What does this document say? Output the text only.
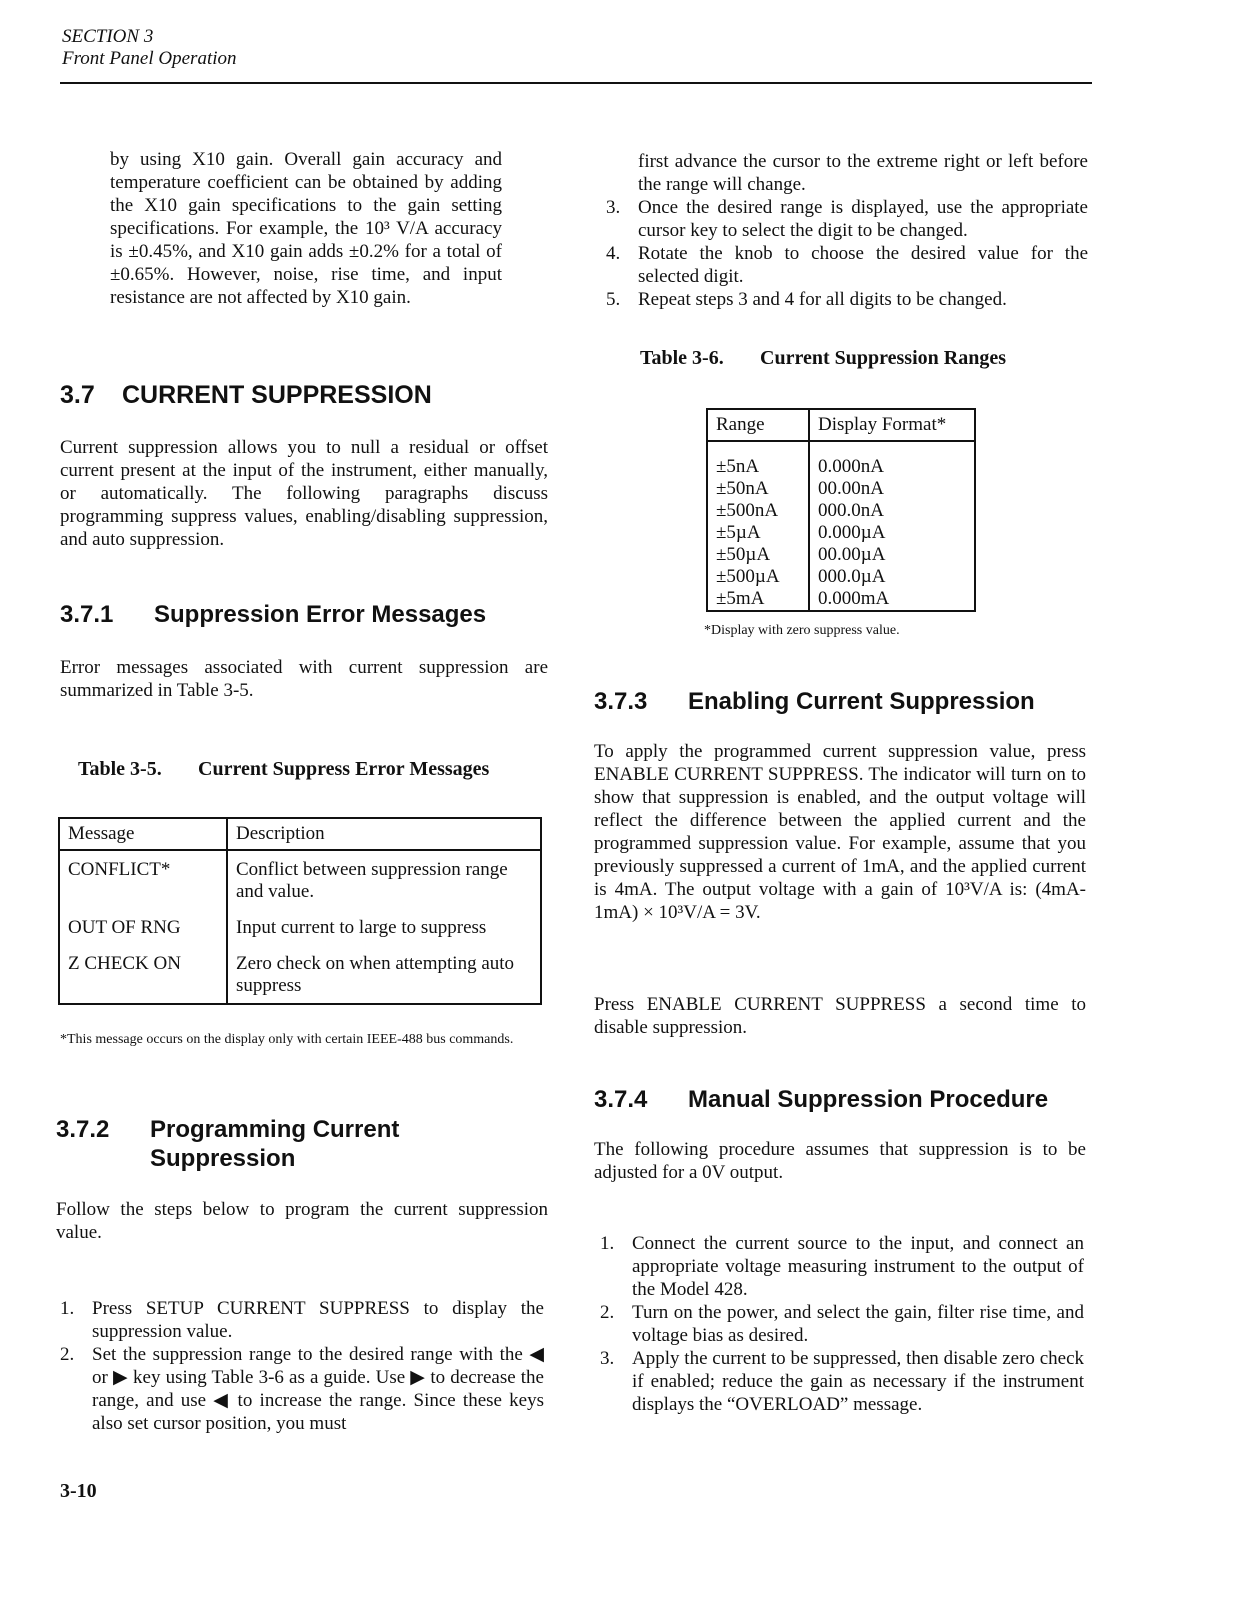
SECTION 3
Front Panel Operation

by using X10 gain. Overall gain accuracy and temperature coefficient can be obtained by adding the X10 gain specifications to the gain setting specifications. For example, the 10³ V/A accuracy is ±0.45%, and X10 gain adds ±0.2% for a total of ±0.65%. However, noise, rise time, and input resistance are not affected by X10 gain.

3.7 CURRENT SUPPRESSION

Current suppression allows you to null a residual or offset current present at the input of the instrument, either manually, or automatically. The following paragraphs discuss programming suppress values, enabling/disabling suppression, and auto suppression.

3.7.1 Suppression Error Messages

Error messages associated with current suppression are summarized in Table 3-5.

Table 3-5. Current Suppress Error Messages
Message	Description
CONFLICT*	Conflict between suppression range and value.
OUT OF RNG	Input current to large to suppress
Z CHECK ON	Zero check on when attempting auto suppress
*This message occurs on the display only with certain IEEE-488 bus commands.
3.7.2 Programming Current
Suppression

Follow the steps below to program the current suppression value.

1. Press SETUP CURRENT SUPPRESS to display the suppression value.
2. Set the suppression range to the desired range with the ◀ or ▶ key using Table 3-6 as a guide. Use ▶ to decrease the range, and use ◀ to increase the range. Since these keys also set cursor position, you must
3-10
first advance the cursor to the extreme right or left before the range will change.
3. Once the desired range is displayed, use the appropriate cursor key to select the digit to be changed.
4. Rotate the knob to choose the desired value for the selected digit.
5. Repeat steps 3 and 4 for all digits to be changed.
Table 3-6. Current Suppression Ranges
Range	Display Format*
±5nA	0.000nA
±50nA	00.00nA
±500nA	000.0nA
±5µA	0.000µA
±50µA	00.00µA
±500µA	000.0µA
±5mA	0.000mA
*Display with zero suppress value.
3.7.3 Enabling Current Suppression

To apply the programmed current suppression value, press ENABLE CURRENT SUPPRESS. The indicator will turn on to show that suppression is enabled, and the output voltage will reflect the difference between the applied current and the programmed suppression value. For example, assume that you previously suppressed a current of 1mA, and the applied current is 4mA. The output voltage with a gain of 10³V/A is: (4mA-1mA) × 10³V/A = 3V.

Press ENABLE CURRENT SUPPRESS a second time to disable suppression.

3.7.4 Manual Suppression Procedure

The following procedure assumes that suppression is to be adjusted for a 0V output.

1. Connect the current source to the input, and connect an appropriate voltage measuring instrument to the output of the Model 428.
2. Turn on the power, and select the gain, filter rise time, and voltage bias as desired.
3. Apply the current to be suppressed, then disable zero check if enabled; reduce the gain as necessary if the instrument displays the “OVERLOAD” message.
